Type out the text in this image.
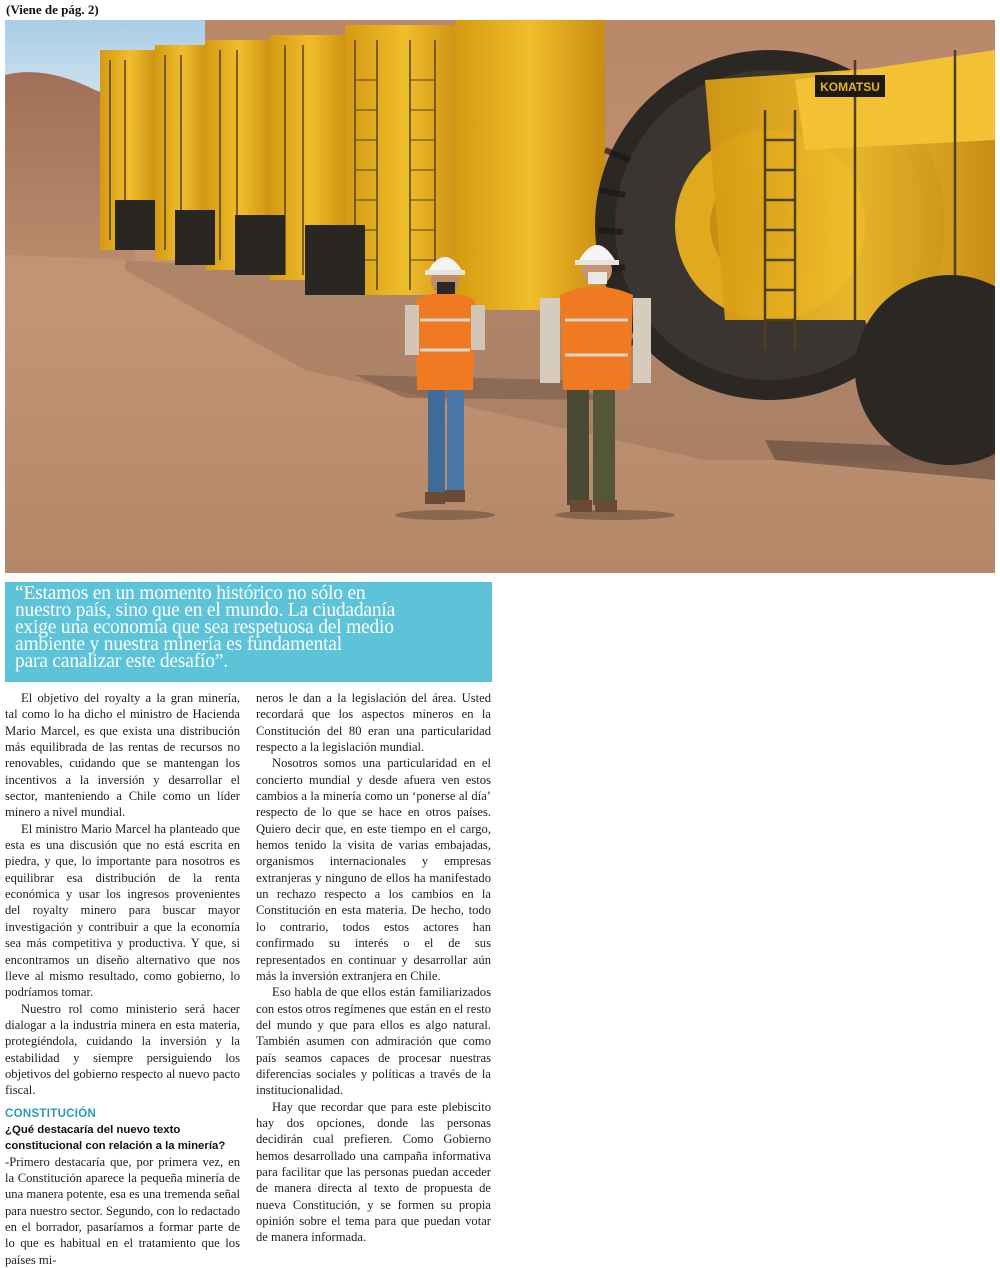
(Viene de pág. 2)
KOMATSU
“Estamos en un momento histórico no sólo en
nuestro país, sino que en el mundo. La ciudadanía
exige una economía que sea respetuosa del medio
ambiente y nuestra minería es fundamental
para canalizar este desafío”.

El objetivo del royalty a la gran minería, tal como lo ha dicho el ministro de Hacienda Mario Marcel, es que exista una distribución más equilibrada de las rentas de recursos no renovables, cuidando que se mantengan los incentivos a la inversión y desarrollar el sector, manteniendo a Chile como un líder minero a nivel mundial.

El ministro Mario Marcel ha planteado que esta es una discusión que no está escrita en piedra, y que, lo importante para nosotros es equilibrar esa distribución de la renta económica y usar los ingresos provenientes del royalty minero para buscar mayor investigación y contribuir a que la economía sea más competitiva y productiva. Y que, si encontramos un diseño alternativo que nos lleve al mismo resultado, como gobierno, lo podríamos tomar.

Nuestro rol como ministerio será hacer dialogar a la industria minera en esta materia, protegiéndola, cuidando la inversión y la estabilidad y siempre persiguiendo los objetivos del gobierno respecto al nuevo pacto fiscal.

CONSTITUCIÓN
¿Qué destacaría del nuevo texto constitucional con relación a la minería?

-Primero destacaría que, por primera vez, en la Constitución aparece la pequeña minería de una manera potente, esa es una tremenda señal para nuestro sector. Segundo, con lo redactado en el borrador, pasaríamos a formar parte de lo que es habitual en el tratamiento que los países mi-

neros le dan a la legislación del área. Usted recordará que los aspectos mineros en la Constitución del 80 eran una particularidad respecto a la legislación mundial.

Nosotros somos una particularidad en el concierto mundial y desde afuera ven estos cambios a la minería como un ‘ponerse al día’ respecto de lo que se hace en otros países. Quiero decir que, en este tiempo en el cargo, hemos tenido la visita de varias embajadas, organismos internacionales y empresas extranjeras y ninguno de ellos ha manifestado un rechazo respecto a los cambios en la Constitución en esta materia. De hecho, todo lo contrario, todos estos actores han confirmado su interés o el de sus representados en continuar y desarrollar aún más la inversión extranjera en Chile.

Eso habla de que ellos están familiarizados con estos otros regímenes que están en el resto del mundo y que para ellos es algo natural. También asumen con admiración que como país seamos capaces de procesar nuestras diferencias sociales y políticas a través de la institucionalidad.

Hay que recordar que para este plebiscito hay dos opciones, donde las personas decidirán cual prefieren. Como Gobierno hemos desarrollado una campaña informativa para facilitar que las personas puedan acceder de manera directa al texto de propuesta de nueva Constitución, y se formen su propia opinión sobre el tema para que puedan votar de manera informada.
